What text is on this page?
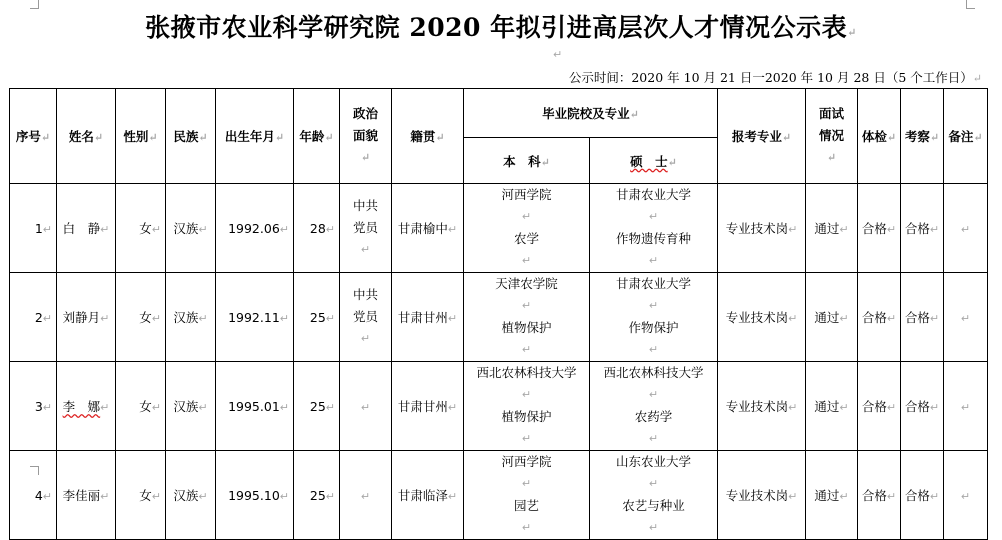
张掖市农业科学研究院 2020 年拟引进高层次人才情况公示表↵
↵
公示时间：2020 年 10 月 21 日一2020 年 10 月 28 日（5 个工作日）↵
序号↵	姓名↵	性别↵	民族↵	出生年月↵	年龄↵	政治
面貌
↵	籍贯↵	毕业院校及专业↵		报考专业↵	面试
情况
↵	体检↵	考察↵	备注↵
								本　科↵	硕　士↵					
1↵	白　静↵	女↵	汉族↵	1992.06↵	28↵	中共
党员
↵	甘肃榆中↵	河西学院
↵
农学
↵	甘肃农业大学
↵
作物遗传育种
↵	专业技术岗↵	通过↵	合格↵	合格↵	↵
2↵	刘静月↵	女↵	汉族↵	1992.11↵	25↵	中共
党员
↵	甘肃甘州↵	天津农学院
↵
植物保护
↵	甘肃农业大学
↵
作物保护
↵	专业技术岗↵	通过↵	合格↵	合格↵	↵
3↵	李　娜↵	女↵	汉族↵	1995.01↵	25↵	↵	甘肃甘州↵	西北农林科技大学
↵
植物保护
↵	西北农林科技大学
↵
农药学
↵	专业技术岗↵	通过↵	合格↵	合格↵	↵
4↵	李佳丽↵	女↵	汉族↵	1995.10↵	25↵	↵	甘肃临泽↵	河西学院
↵
园艺
↵	山东农业大学
↵
农艺与种业
↵	专业技术岗↵	通过↵	合格↵	合格↵	↵
